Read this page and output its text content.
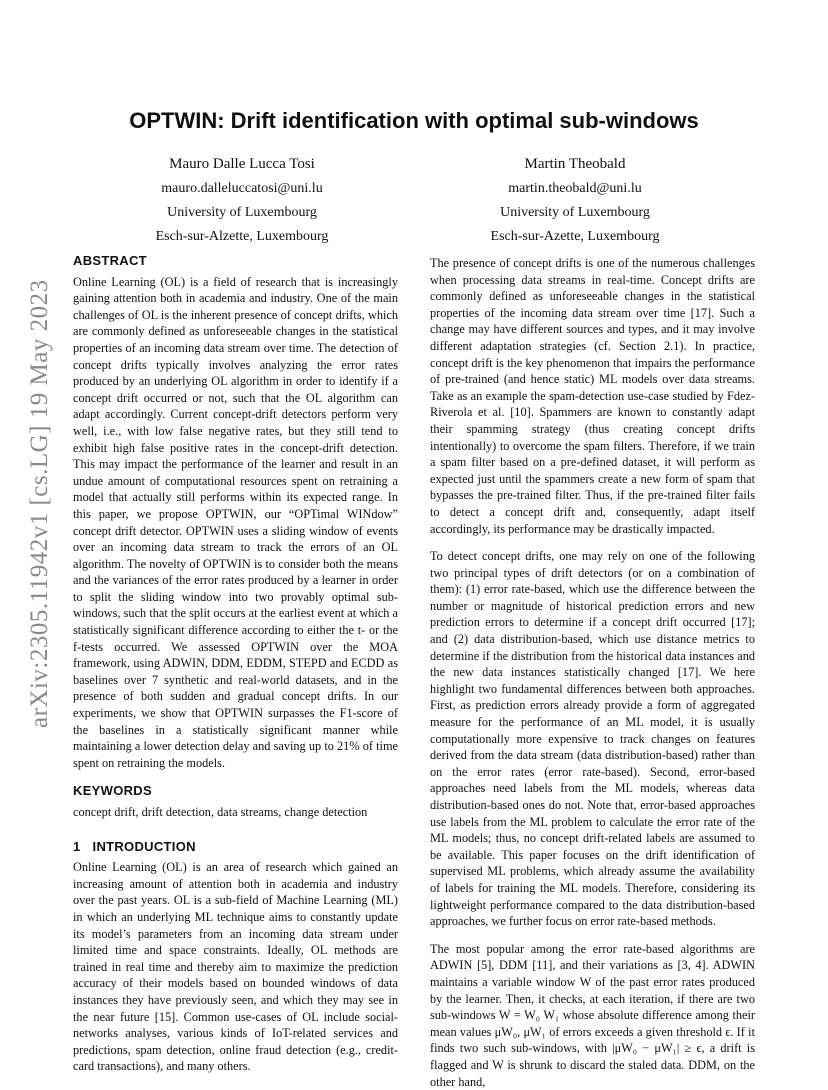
arXiv:2305.11942v1 [cs.LG] 19 May 2023
OPTWIN: Drift identification with optimal sub-windows
Mauro Dalle Lucca Tosi
mauro.dalleluccatosi@uni.lu
University of Luxembourg
Esch-sur-Alzette, Luxembourg
Martin Theobald
martin.theobald@uni.lu
University of Luxembourg
Esch-sur-Azette, Luxembourg
ABSTRACT

Online Learning (OL) is a field of research that is increasingly gaining attention both in academia and industry. One of the main challenges of OL is the inherent presence of concept drifts, which are commonly defined as unforeseeable changes in the statistical properties of an incoming data stream over time. The detection of concept drifts typically involves analyzing the error rates produced by an underlying OL algorithm in order to identify if a concept drift occurred or not, such that the OL algorithm can adapt accordingly. Current concept-drift detectors perform very well, i.e., with low false negative rates, but they still tend to exhibit high false positive rates in the concept-drift detection. This may impact the performance of the learner and result in an undue amount of computational resources spent on retraining a model that actually still performs within its expected range. In this paper, we propose OPTWIN, our “OPTimal WINdow” concept drift detector. OPTWIN uses a sliding window of events over an incoming data stream to track the errors of an OL algorithm. The novelty of OPTWIN is to consider both the means and the variances of the error rates produced by a learner in order to split the sliding window into two provably optimal sub-windows, such that the split occurs at the earliest event at which a statistically significant difference according to either the t- or the f-tests occurred. We assessed OPTWIN over the MOA framework, using ADWIN, DDM, EDDM, STEPD and ECDD as baselines over 7 synthetic and real-world datasets, and in the presence of both sudden and gradual concept drifts. In our experiments, we show that OPTWIN surpasses the F1-score of the baselines in a statistically significant manner while maintaining a lower detection delay and saving up to 21% of time spent on retraining the models.

KEYWORDS

concept drift, drift detection, data streams, change detection

1 INTRODUCTION

Online Learning (OL) is an area of research which gained an increasing amount of attention both in academia and industry over the past years. OL is a sub-field of Machine Learning (ML) in which an underlying ML technique aims to constantly update its model’s parameters from an incoming data stream under limited time and space constraints. Ideally, OL methods are trained in real time and thereby aim to maximize the prediction accuracy of their models based on bounded windows of data instances they have previously seen, and which they may see in the near future [15]. Common use-cases of OL include social-networks analyses, various kinds of IoT-related services and predictions, spam detection, online fraud detection (e.g., credit-card transactions), and many others.

The presence of concept drifts is one of the numerous challenges when processing data streams in real-time. Concept drifts are commonly defined as unforeseeable changes in the statistical properties of the incoming data stream over time [17]. Such a change may have different sources and types, and it may involve different adaptation strategies (cf. Section 2.1). In practice, concept drift is the key phenomenon that impairs the performance of pre-trained (and hence static) ML models over data streams. Take as an example the spam-detection use-case studied by Fdez-Riverola et al. [10]. Spammers are known to constantly adapt their spamming strategy (thus creating concept drifts intentionally) to overcome the spam filters. Therefore, if we train a spam filter based on a pre-defined dataset, it will perform as expected just until the spammers create a new form of spam that bypasses the pre-trained filter. Thus, if the pre-trained filter fails to detect a concept drift and, consequently, adapt itself accordingly, its performance may be drastically impacted.

To detect concept drifts, one may rely on one of the following two principal types of drift detectors (or on a combination of them): (1) error rate-based, which use the difference between the number or magnitude of historical prediction errors and new prediction errors to determine if a concept drift occurred [17]; and (2) data distribution-based, which use distance metrics to determine if the distribution from the historical data instances and the new data instances statistically changed [17]. We here highlight two fundamental differences between both approaches. First, as prediction errors already provide a form of aggregated measure for the performance of an ML model, it is usually computationally more expensive to track changes on features derived from the data stream (data distribution-based) rather than on the error rates (error rate-based). Second, error-based approaches need labels from the ML models, whereas data distribution-based ones do not. Note that, error-based approaches use labels from the ML problem to calculate the error rate of the ML models; thus, no concept drift-related labels are assumed to be available. This paper focuses on the drift identification of supervised ML problems, which already assume the availability of labels for training the ML models. Therefore, considering its lightweight performance compared to the data distribution-based approaches, we further focus on error rate-based methods.

The most popular among the error rate-based algorithms are ADWIN [5], DDM [11], and their variations as [3, 4]. ADWIN maintains a variable window W of the past error rates produced by the learner. Then, it checks, at each iteration, if there are two sub-windows W = W₀ W₁ whose absolute difference among their mean values μW₀, μW₁ of errors exceeds a given threshold ϵ. If it finds two such sub-windows, with |μW₀ − μW₁| ≥ ϵ, a drift is flagged and W is shrunk to discard the staled data. DDM, on the other hand,
